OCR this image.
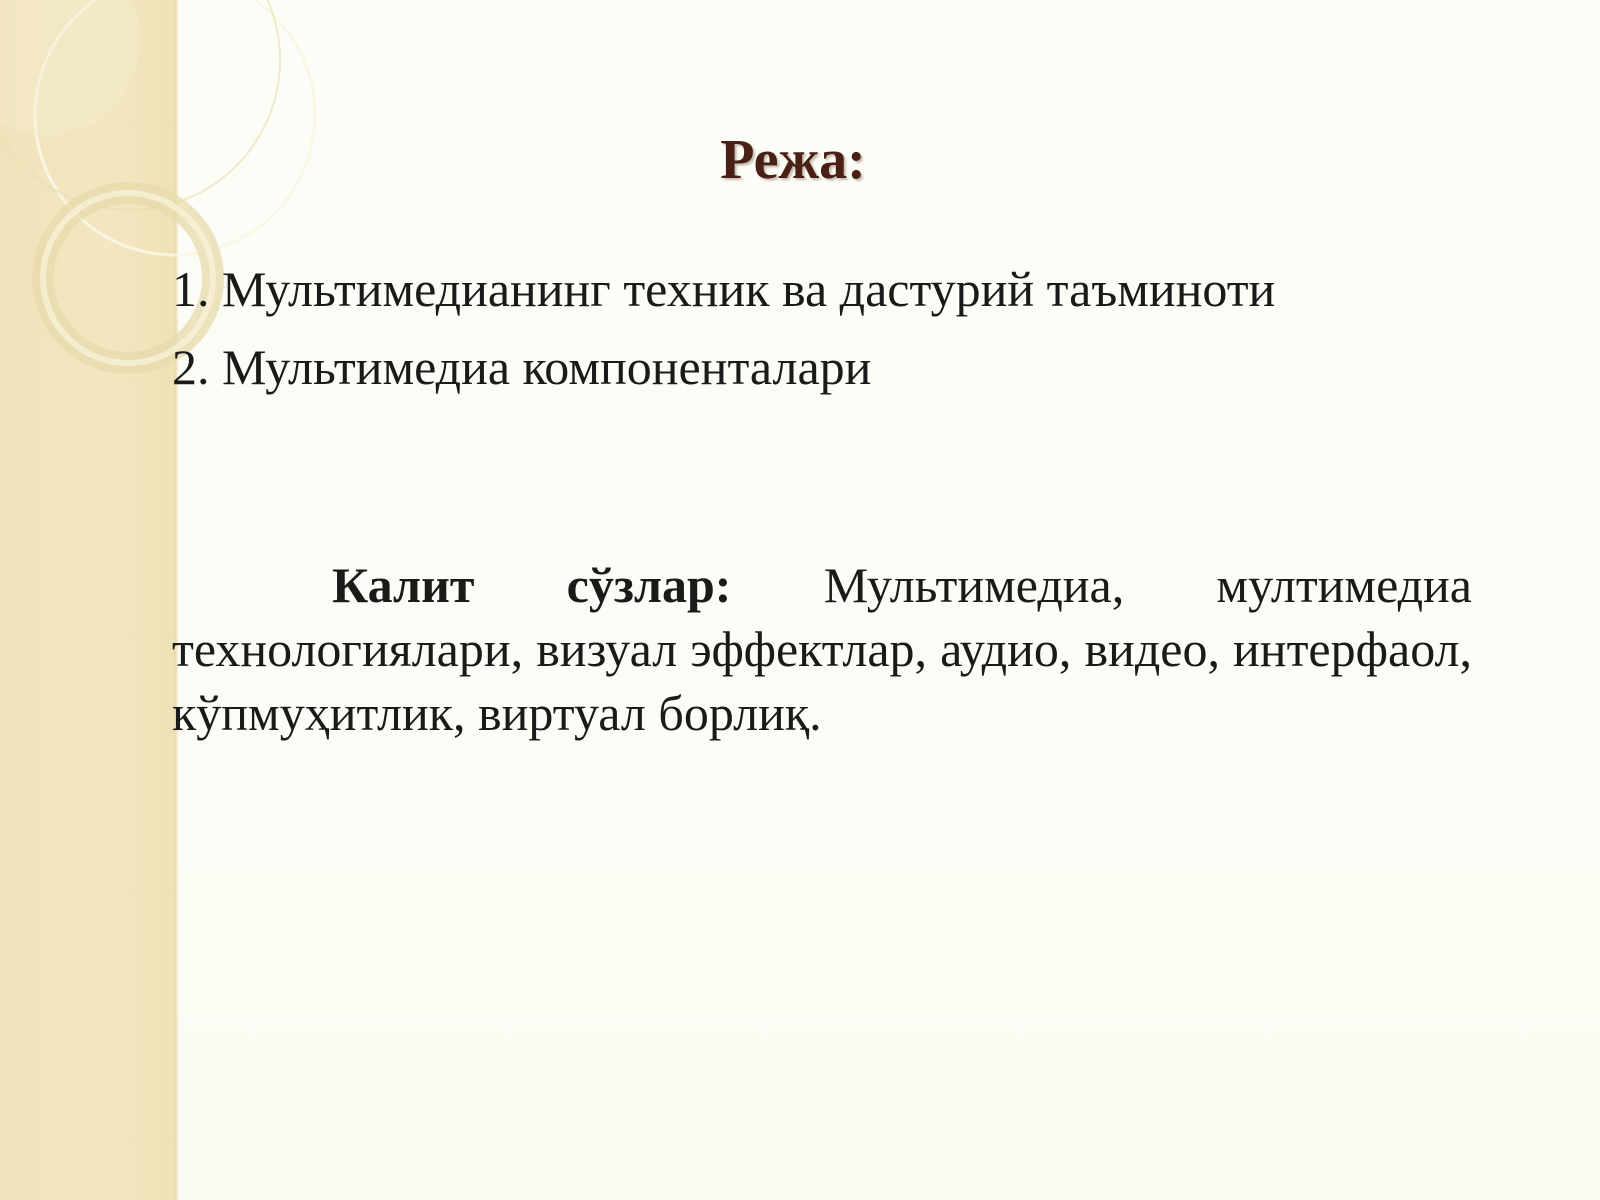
Режа:
1. Мультимедианинг техник ва дастурий таъминоти
2. Мультимедиа компоненталари
Калит сўзлар: Мультимедиа, мултимедиа технологиялари, визуал эффектлар, аудио, видео, интерфаол, кўпмуҳитлик, виртуал борлиқ.
